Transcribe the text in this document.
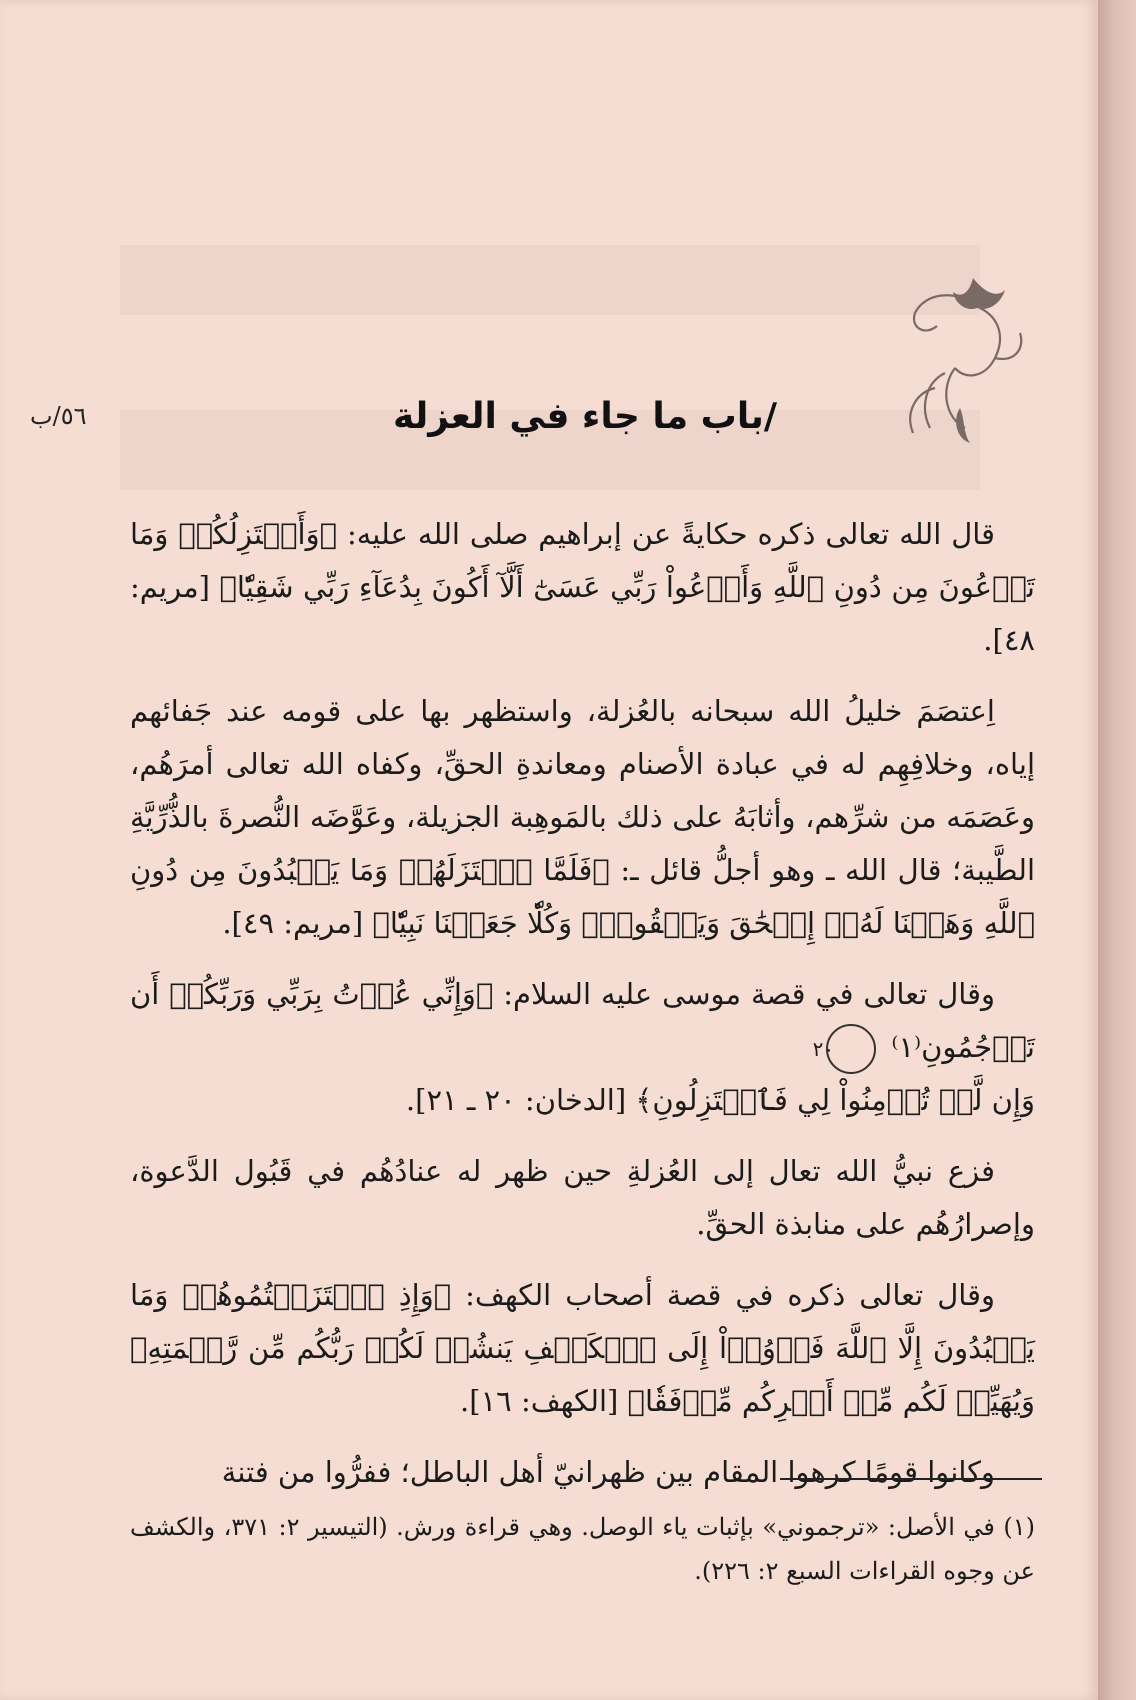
/باب ما جاء في العزلة
٥٦/ب

قال الله تعالى ذكره حكايةً عن إبراهيم صلى الله عليه: ﴿وَأَعۡتَزِلُكُمۡ وَمَا تَدۡعُونَ مِن دُونِ ٱللَّهِ وَأَدۡعُواْ رَبِّي عَسَىٰٓ أَلَّآ أَكُونَ بِدُعَآءِ رَبِّي شَقِيّٗا﴾ [مريم: ٤٨].

اِعتصَمَ خليلُ الله سبحانه بالعُزلة، واستظهر بها على قومه عند جَفائهم إياه، وخلافِهِم له في عبادة الأصنام ومعاندةِ الحقِّ، وكفاه الله تعالى أمرَهُم، وعَصَمَه من شرِّهم، وأثابَهُ على ذلك بالمَوهِبة الجزيلة، وعَوَّضَه النُّصرةَ بالذُّرِّيَّةِ الطَّيبة؛ قال الله ـ وهو أجلُّ قائل ـ: ﴿فَلَمَّا ٱعۡتَزَلَهُمۡ وَمَا يَعۡبُدُونَ مِن دُونِ ٱللَّهِ وَهَبۡنَا لَهُۥٓ إِسۡحَٰقَ وَيَعۡقُوبَۖ وَكُلّٗا جَعَلۡنَا نَبِيّٗا﴾ [مريم: ٤٩].

وقال تعالى في قصة موسى عليه السلام: ﴿وَإِنِّي عُذۡتُ بِرَبِّي وَرَبِّكُمۡ أَن تَرۡجُمُونِ⁽١⁾ ٢٠

وَإِن لَّمۡ تُؤۡمِنُواْ لِي فَٱعۡتَزِلُونِ﴾ [الدخان: ٢٠ ـ ٢١].

فزع نبيُّ الله تعال إلى العُزلةِ حين ظهر له عنادُهُم في قَبُول الدَّعوة، وإصرارُهُم على منابذة الحقِّ.

وقال تعالى ذكره في قصة أصحاب الكهف: ﴿وَإِذِ ٱعۡتَزَلۡتُمُوهُمۡ وَمَا يَعۡبُدُونَ إِلَّا ٱللَّهَ فَأۡوُۥٓاْ إِلَى ٱلۡكَهۡفِ يَنشُرۡ لَكُمۡ رَبُّكُم مِّن رَّحۡمَتِهِۦ وَيُهَيِّئۡ لَكُم مِّنۡ أَمۡرِكُم مِّرۡفَقٗا﴾ [الكهف: ١٦].

وكانوا قومًا كرهوا المقام بين ظهرانيّ أهل الباطل؛ ففرُّوا من فتنة

(١) في الأصل: «ترجموني» بإثبات ياء الوصل. وهي قراءة ورش. (التيسير ٢: ٣٧١، والكشف عن وجوه القراءات السبع ٢: ٢٢٦).
